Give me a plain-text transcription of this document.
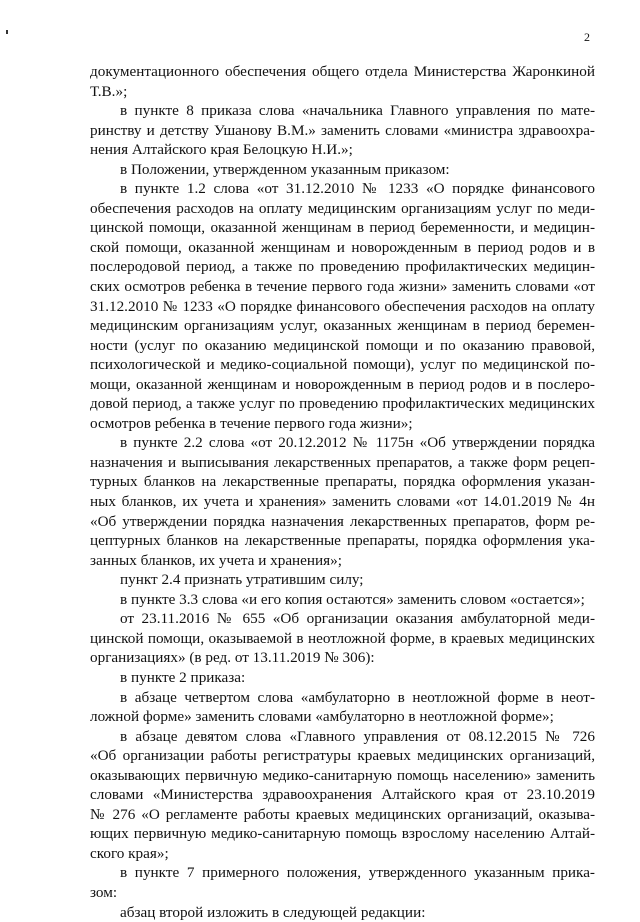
2
документационного обеспечения общего отдела Министерства Жаронкиной
Т.В.»;
в пункте 8 приказа слова «начальника Главного управления по мате-
ринству и детству Ушанову В.М.» заменить словами «министра здравоохра-
нения Алтайского края Белоцкую Н.И.»;
в Положении, утвержденном указанным приказом:
в пункте 1.2 слова «от 31.12.2010 № 1233 «О порядке финансового
обеспечения расходов на оплату медицинским организациям услуг по меди-
цинской помощи, оказанной женщинам в период беременности, и медицин-
ской помощи, оказанной женщинам и новорожденным в период родов и в
послеродовой период, а также по проведению профилактических медицин-
ских осмотров ребенка в течение первого года жизни» заменить словами «от
31.12.2010 № 1233 «О порядке финансового обеспечения расходов на оплату
медицинским организациям услуг, оказанных женщинам в период беремен-
ности (услуг по оказанию медицинской помощи и по оказанию правовой,
психологической и медико-социальной помощи), услуг по медицинской по-
мощи, оказанной женщинам и новорожденным в период родов и в послеро-
довой период, а также услуг по проведению профилактических медицинских
осмотров ребенка в течение первого года жизни»;
в пункте 2.2 слова «от 20.12.2012 № 1175н «Об утверждении порядка
назначения и выписывания лекарственных препаратов, а также форм рецеп-
турных бланков на лекарственные препараты, порядка оформления указан-
ных бланков, их учета и хранения» заменить словами «от 14.01.2019 № 4н
«Об утверждении порядка назначения лекарственных препаратов, форм ре-
цептурных бланков на лекарственные препараты, порядка оформления ука-
занных бланков, их учета и хранения»;
пункт 2.4 признать утратившим силу;
в пункте 3.3 слова «и его копия остаются» заменить словом «остается»;
от 23.11.2016 № 655 «Об организации оказания амбулаторной меди-
цинской помощи, оказываемой в неотложной форме, в краевых медицинских
организациях» (в ред. от 13.11.2019 № 306):
в пункте 2 приказа:
в абзаце четвертом слова «амбулаторно в неотложной форме в неот-
ложной форме» заменить словами «амбулаторно в неотложной форме»;
в абзаце девятом слова «Главного управления от 08.12.2015 № 726
«Об организации работы регистратуры краевых медицинских организаций,
оказывающих первичную медико-санитарную помощь населению» заменить
словами «Министерства здравоохранения Алтайского края от 23.10.2019
№ 276 «О регламенте работы краевых медицинских организаций, оказыва-
ющих первичную медико-санитарную помощь взрослому населению Алтай-
ского края»;
в пункте 7 примерного положения, утвержденного указанным прика-
зом:
абзац второй изложить в следующей редакции:
